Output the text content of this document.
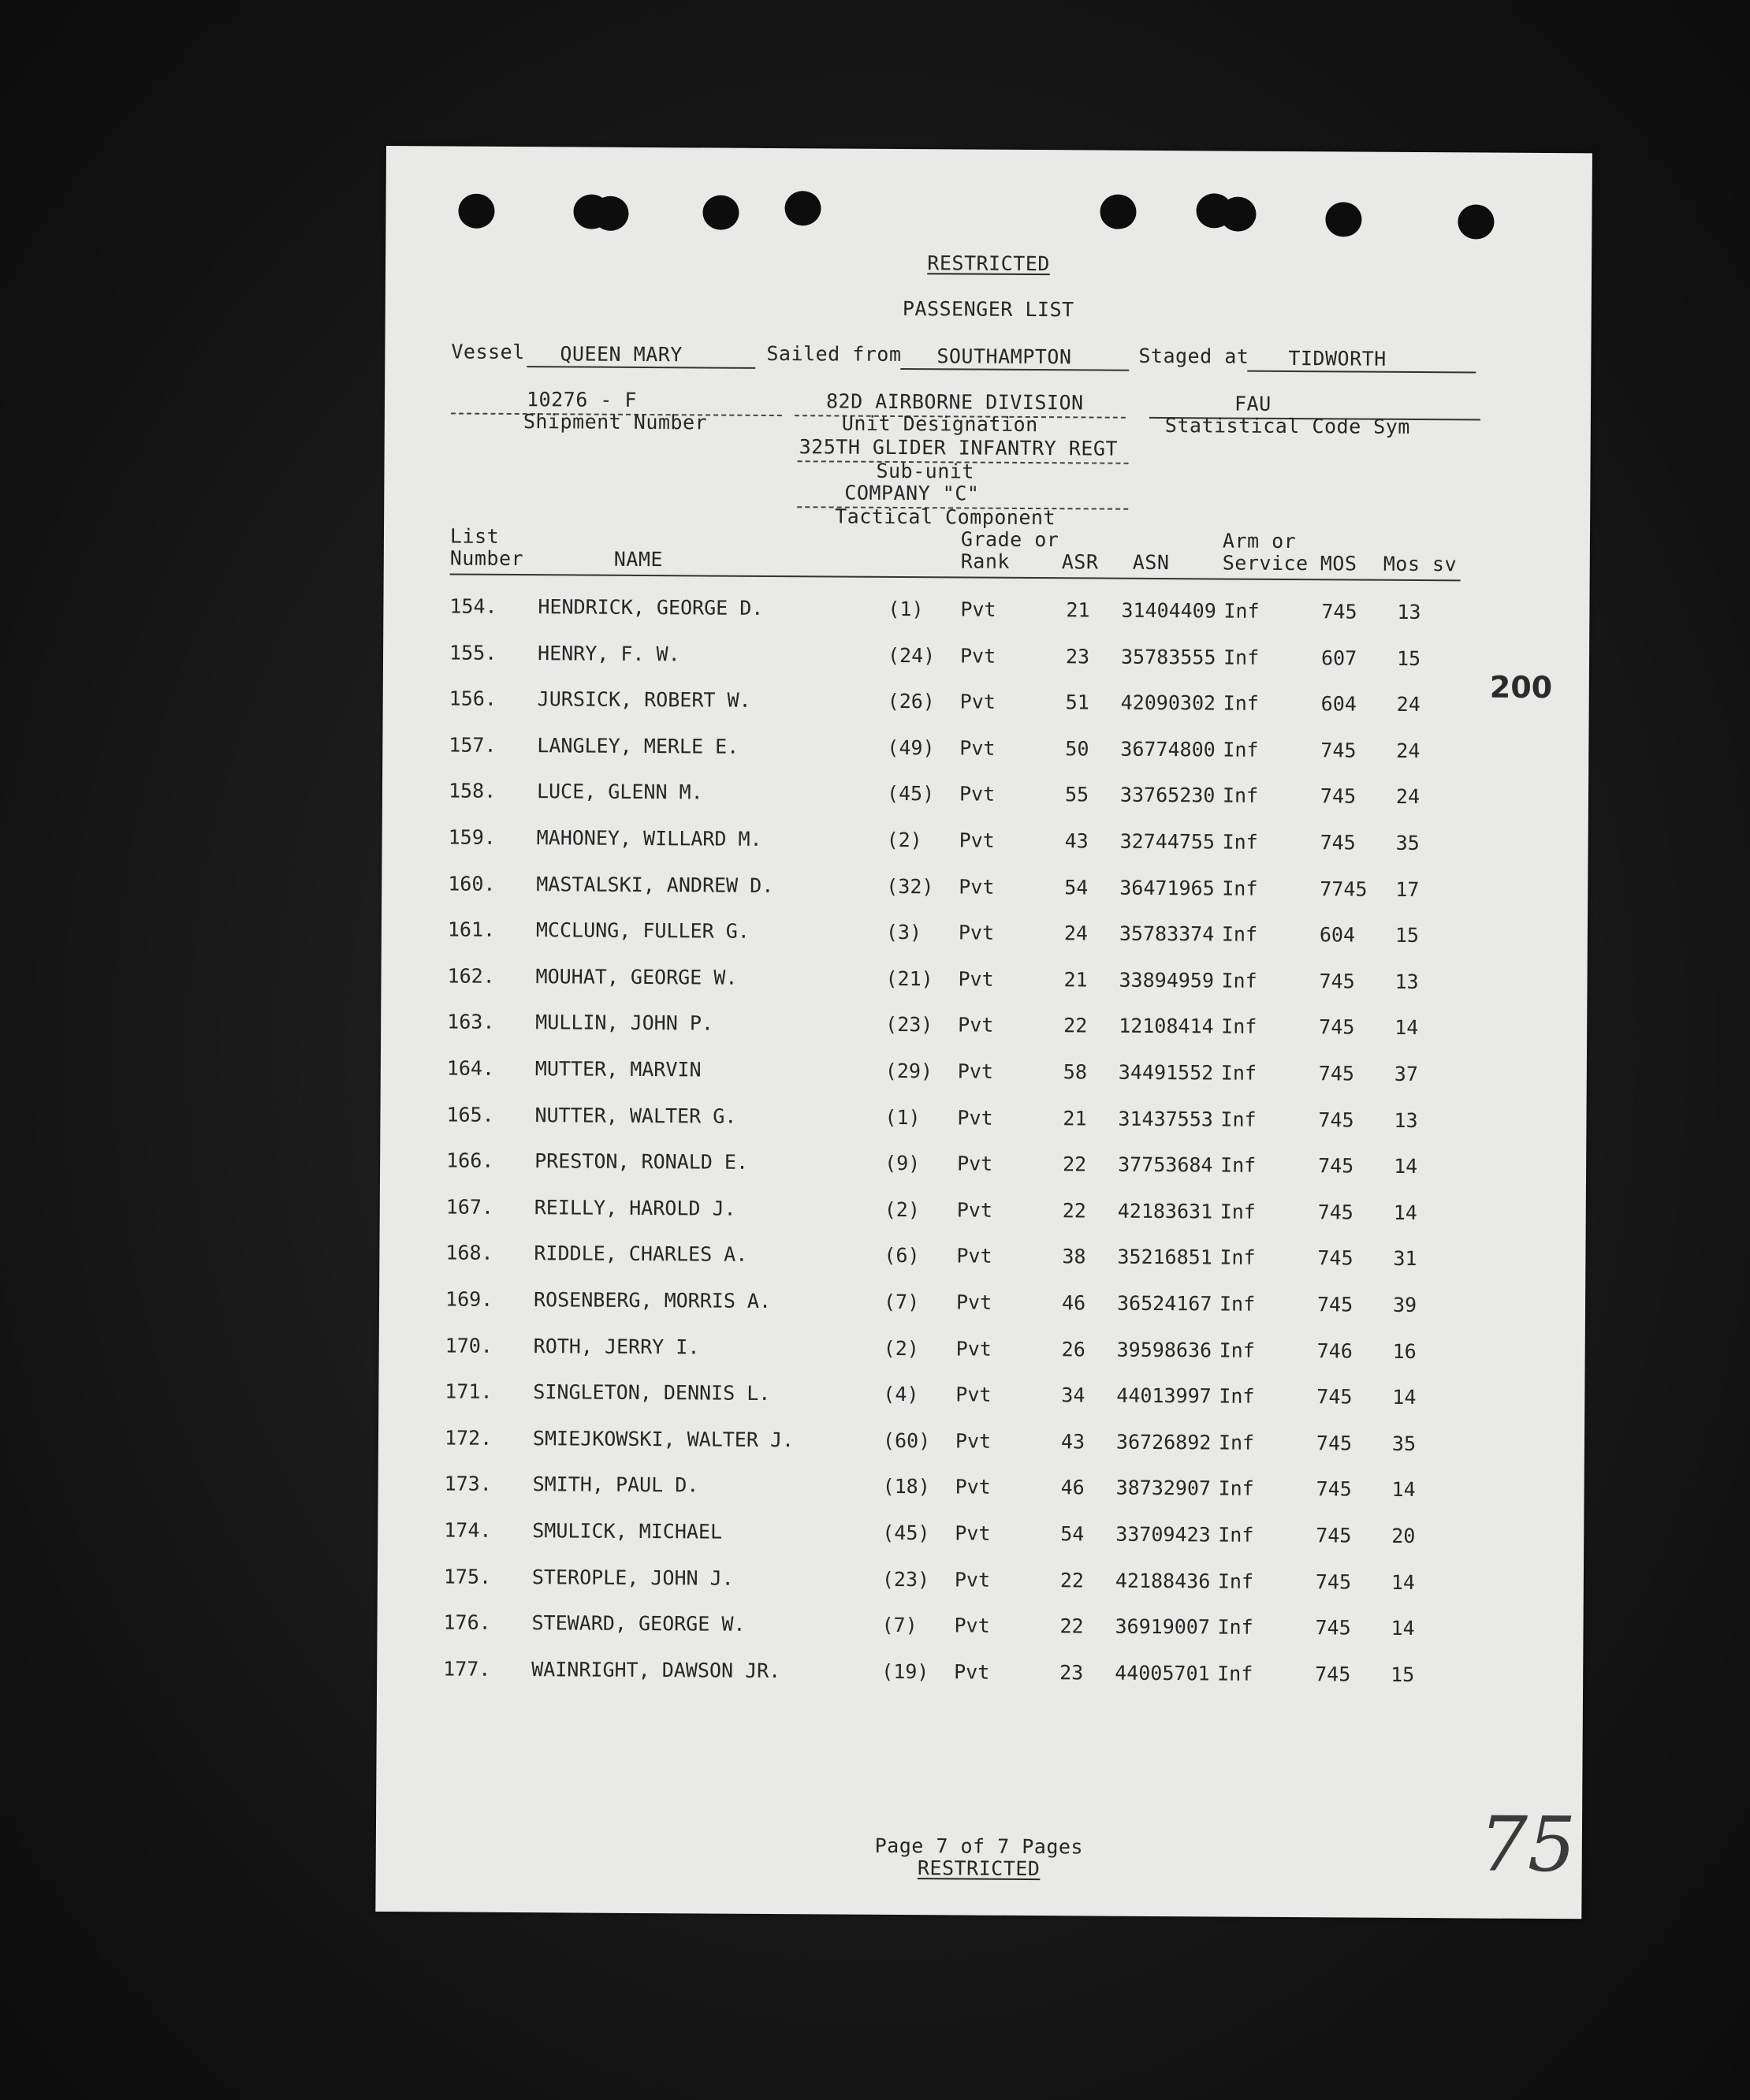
RESTRICTED
PASSENGER LIST
Vessel QUEEN MARY	Sailed from SOUTHAMPTON	Staged at TIDWORTH
10276 - F
Shipment Number
82D AIRBORNE DIVISION
Unit Designation
FAU
Statistical Code Sym
325TH GLIDER INFANTRY REGT
Sub-unit
COMPANY "C"
Tactical Component
List
Number	NAME
Grade or
Rank	ASR ASN
Arm or
Service MOS Mos sv
154. HENDRICK, GEORGE D.	(1) Pvt	21 31404409 Inf	745 13
155. HENRY, F. W.	(24) Pvt	23 35783555 Inf	607 15
156. JURSICK, ROBERT W.	(26) Pvt	51 42090302 Inf	604 24
157. LANGLEY, MERLE E.	(49) Pvt	50 36774800 Inf	745 24
158. LUCE, GLENN M.	(45) Pvt	55 33765230 Inf	745 24
159. MAHONEY, WILLARD M.	(2) Pvt	43 32744755 Inf	745 35
160. MASTALSKI, ANDREW D.	(32) Pvt	54 36471965 Inf	7745 17
161. MCCLUNG, FULLER G.	(3) Pvt	24 35783374 Inf	604 15
162. MOUHAT, GEORGE W.	(21) Pvt	21 33894959 Inf	745 13
163. MULLIN, JOHN P.	(23) Pvt	22 12108414 Inf	745 14
164. MUTTER, MARVIN	(29) Pvt	58 34491552 Inf	745 37
165. NUTTER, WALTER G.	(1) Pvt	21 31437553 Inf	745 13
166. PRESTON, RONALD E.	(9) Pvt	22 37753684 Inf	745 14
167. REILLY, HAROLD J.	(2) Pvt	22 42183631 Inf	745 14
168. RIDDLE, CHARLES A.	(6) Pvt	38 35216851 Inf	745 31
169. ROSENBERG, MORRIS A.	(7) Pvt	46 36524167 Inf	745 39
170. ROTH, JERRY I.	(2) Pvt	26 39598636 Inf	746 16
171. SINGLETON, DENNIS L.	(4) Pvt	34 44013997 Inf	745 14
172. SMIEJKOWSKI, WALTER J.	(60) Pvt	43 36726892 Inf	745 35
173. SMITH, PAUL D.	(18) Pvt	46 38732907 Inf	745 14
174. SMULICK, MICHAEL	(45) Pvt	54 33709423 Inf	745 20
175. STEROPLE, JOHN J.	(23) Pvt	22 42188436 Inf	745 14
176. STEWARD, GEORGE W.	(7) Pvt	22 36919007 Inf	745 14
177. WAINRIGHT, DAWSON JR.	(19) Pvt	23 44005701 Inf	745 15
200
Page 7 of 7 Pages
RESTRICTED	75
